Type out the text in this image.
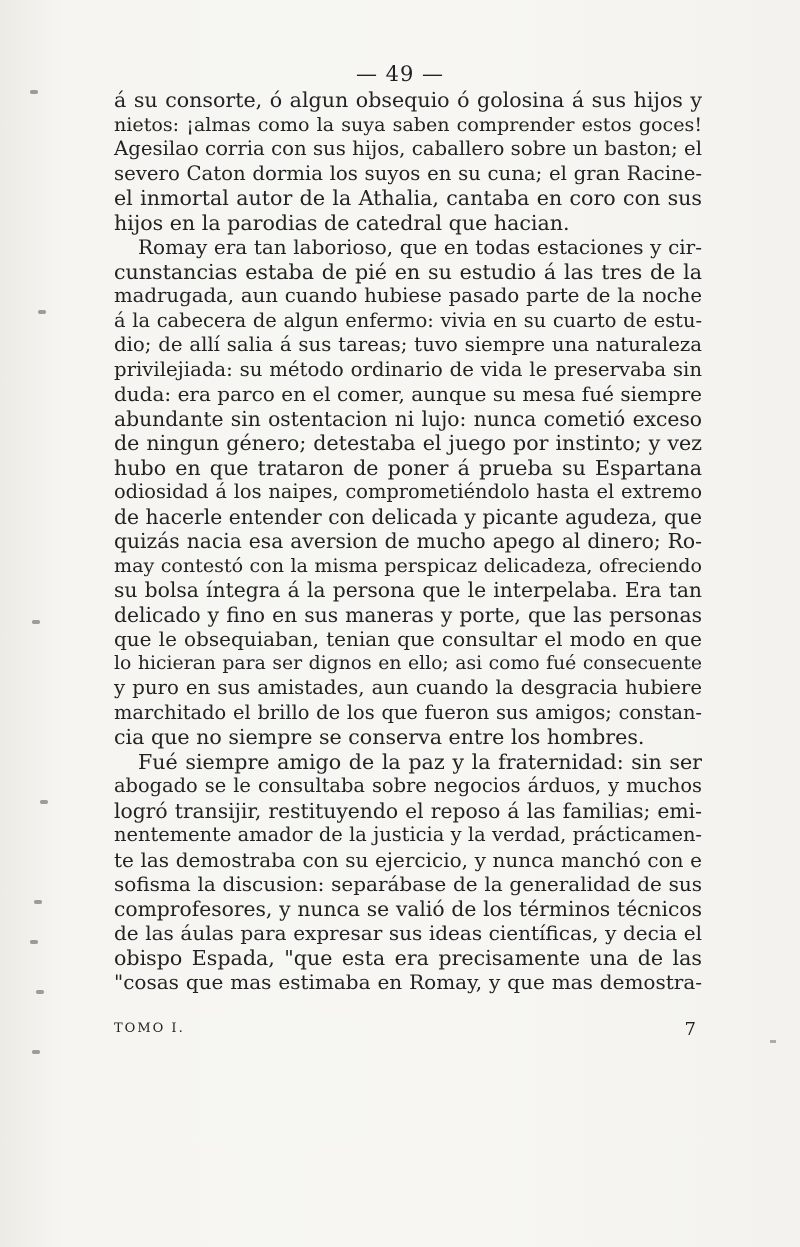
— 49 —
á su consorte, ó algun obsequio ó golosina á sus hijos y
nietos: ¡almas como la suya saben comprender estos goces!
Agesilao corria con sus hijos, caballero sobre un baston; el
severo Caton dormia los suyos en su cuna; el gran Racine-
el inmortal autor de la Athalia, cantaba en coro con sus
hijos en la parodias de catedral que hacian.
Romay era tan laborioso, que en todas estaciones y cir-
cunstancias estaba de pié en su estudio á las tres de la
madrugada, aun cuando hubiese pasado parte de la noche
á la cabecera de algun enfermo: vivia en su cuarto de estu-
dio; de allí salia á sus tareas; tuvo siempre una naturaleza
privilejiada: su método ordinario de vida le preservaba sin
duda: era parco en el comer, aunque su mesa fué siempre
abundante sin ostentacion ni lujo: nunca cometió exceso
de ningun género; detestaba el juego por instinto; y vez
hubo en que trataron de poner á prueba su Espartana
odiosidad á los naipes, comprometiéndolo hasta el extremo
de hacerle entender con delicada y picante agudeza, que
quizás nacia esa aversion de mucho apego al dinero; Ro-
may contestó con la misma perspicaz delicadeza, ofreciendo
su bolsa íntegra á la persona que le interpelaba. Era tan
delicado y fino en sus maneras y porte, que las personas
que le obsequiaban, tenian que consultar el modo en que
lo hicieran para ser dignos en ello; asi como fué consecuente
y puro en sus amistades, aun cuando la desgracia hubiere
marchitado el brillo de los que fueron sus amigos; constan-
cia que no siempre se conserva entre los hombres.
Fué siempre amigo de la paz y la fraternidad: sin ser
abogado se le consultaba sobre negocios árduos, y muchos
logró transijir, restituyendo el reposo á las familias; emi-
nentemente amador de la justicia y la verdad, prácticamen-
te las demostraba con su ejercicio, y nunca manchó con e
sofisma la discusion: separábase de la generalidad de sus
comprofesores, y nunca se valió de los términos técnicos
de las áulas para expresar sus ideas científicas, y decia el
obispo Espada, "que esta era precisamente una de las
"cosas que mas estimaba en Romay, y que mas demostra-
TOMO I.	7
